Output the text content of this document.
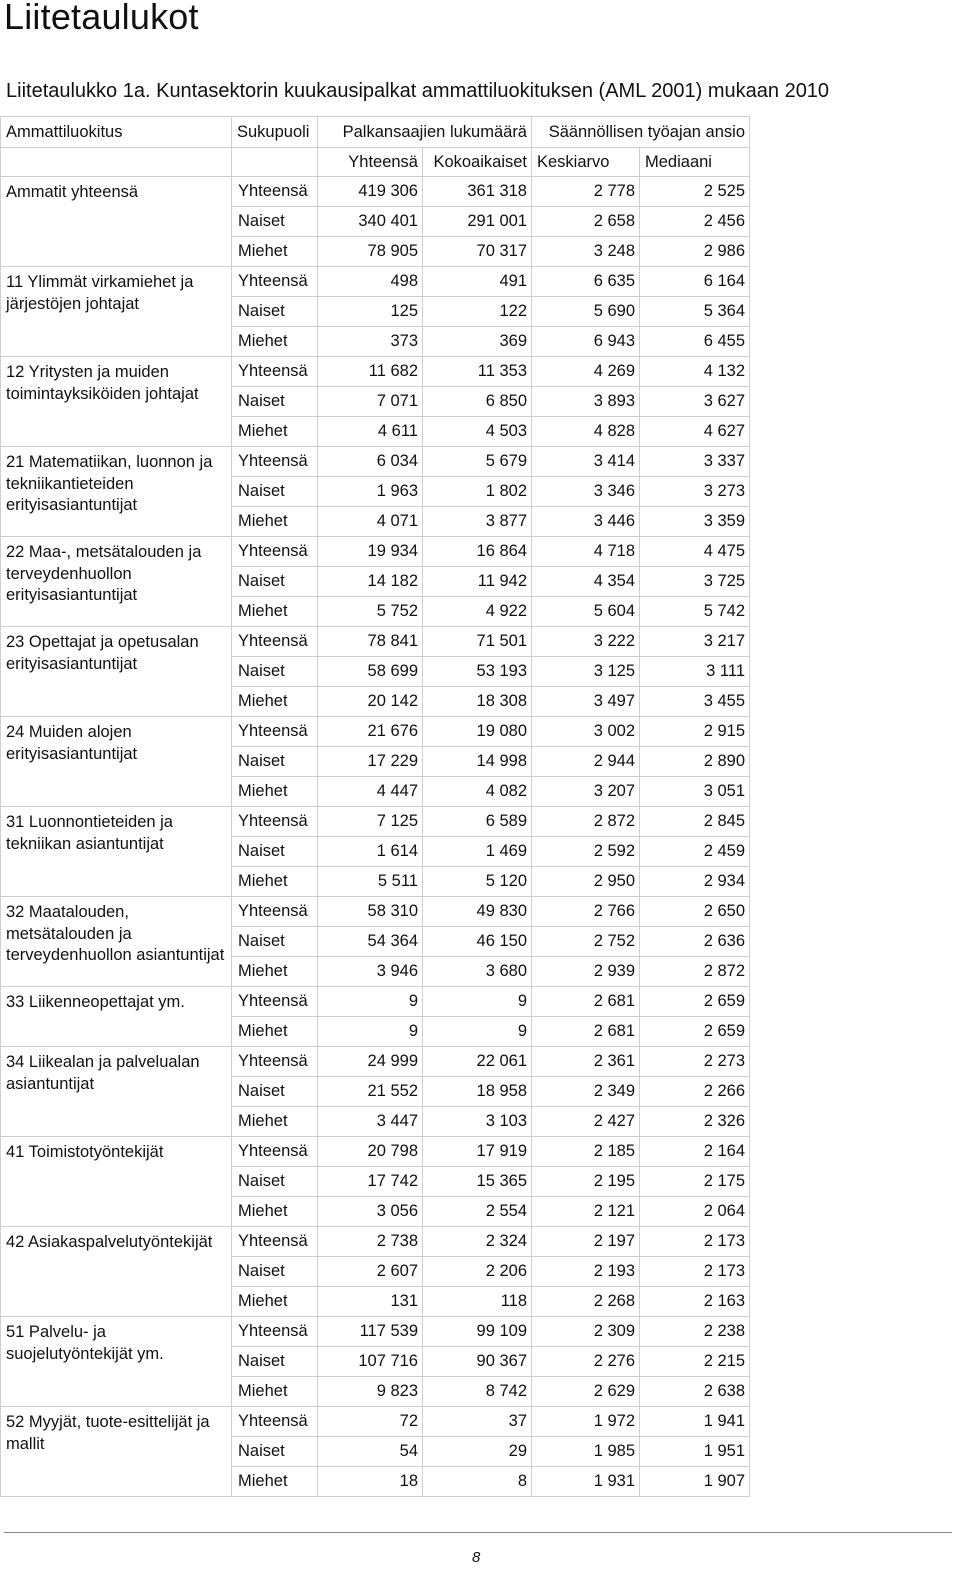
Liitetaulukot
Liitetaulukko 1a. Kuntasektorin kuukausipalkat ammattiluokituksen (AML 2001) mukaan 2010
Ammattiluokitus	Sukupuoli	Palkansaajien lukumäärä		Säännöllisen työajan ansio	
		Yhteensä	Kokoaikaiset	Keskiarvo	Mediaani
Ammatit yhteensä	Yhteensä	419 306	361 318	2 778	2 525
	Naiset	340 401	291 001	2 658	2 456
	Miehet	78 905	70 317	3 248	2 986
11 Ylimmät virkamiehet ja järjestöjen johtajat	Yhteensä	498	491	6 635	6 164
	Naiset	125	122	5 690	5 364
	Miehet	373	369	6 943	6 455
12 Yritysten ja muiden toimintayksiköiden johtajat	Yhteensä	11 682	11 353	4 269	4 132
	Naiset	7 071	6 850	3 893	3 627
	Miehet	4 611	4 503	4 828	4 627
21 Matematiikan, luonnon ja tekniikantieteiden erityisasiantuntijat	Yhteensä	6 034	5 679	3 414	3 337
	Naiset	1 963	1 802	3 346	3 273
	Miehet	4 071	3 877	3 446	3 359
22 Maa-, metsätalouden ja terveydenhuollon erityisasiantuntijat	Yhteensä	19 934	16 864	4 718	4 475
	Naiset	14 182	11 942	4 354	3 725
	Miehet	5 752	4 922	5 604	5 742
23 Opettajat ja opetusalan erityisasiantuntijat	Yhteensä	78 841	71 501	3 222	3 217
	Naiset	58 699	53 193	3 125	3 111
	Miehet	20 142	18 308	3 497	3 455
24 Muiden alojen erityisasiantuntijat	Yhteensä	21 676	19 080	3 002	2 915
	Naiset	17 229	14 998	2 944	2 890
	Miehet	4 447	4 082	3 207	3 051
31 Luonnontieteiden ja tekniikan asiantuntijat	Yhteensä	7 125	6 589	2 872	2 845
	Naiset	1 614	1 469	2 592	2 459
	Miehet	5 511	5 120	2 950	2 934
32 Maatalouden, metsätalouden ja terveydenhuollon asiantuntijat	Yhteensä	58 310	49 830	2 766	2 650
	Naiset	54 364	46 150	2 752	2 636
	Miehet	3 946	3 680	2 939	2 872
33 Liikenneopettajat ym.	Yhteensä	9	9	2 681	2 659
	Miehet	9	9	2 681	2 659
34 Liikealan ja palvelualan asiantuntijat	Yhteensä	24 999	22 061	2 361	2 273
	Naiset	21 552	18 958	2 349	2 266
	Miehet	3 447	3 103	2 427	2 326
41 Toimistotyöntekijät	Yhteensä	20 798	17 919	2 185	2 164
	Naiset	17 742	15 365	2 195	2 175
	Miehet	3 056	2 554	2 121	2 064
42 Asiakaspalvelutyöntekijät	Yhteensä	2 738	2 324	2 197	2 173
	Naiset	2 607	2 206	2 193	2 173
	Miehet	131	118	2 268	2 163
51 Palvelu- ja suojelutyöntekijät ym.	Yhteensä	117 539	99 109	2 309	2 238
	Naiset	107 716	90 367	2 276	2 215
	Miehet	9 823	8 742	2 629	2 638
52 Myyjät, tuote-esittelijät ja mallit	Yhteensä	72	37	1 972	1 941
	Naiset	54	29	1 985	1 951
	Miehet	18	8	1 931	1 907
8
